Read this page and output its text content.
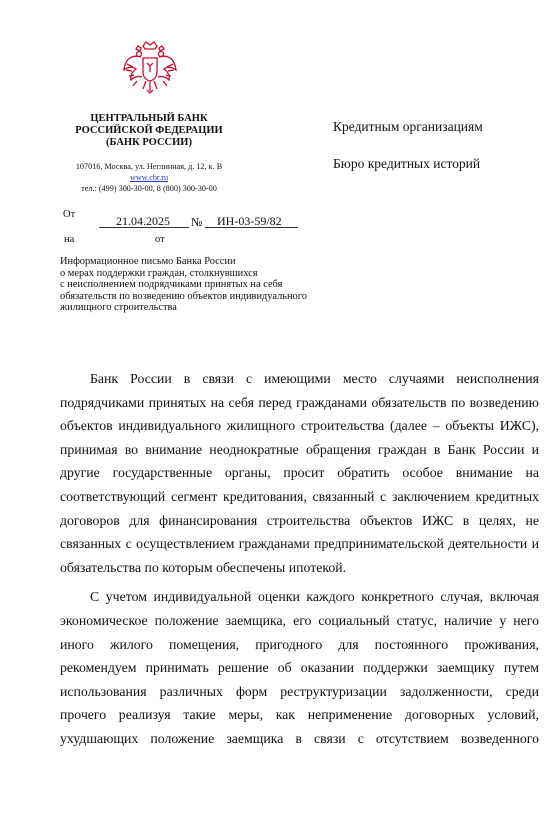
ЦЕНТРАЛЬНЫЙ БАНК
РОССИЙСКОЙ ФЕДЕРАЦИИ
(БАНК РОССИИ)
107016, Москва, ул. Неглинная, д. 12, к. В
www.cbr.ru
тел.: (499) 300-30-00, 8 (800) 300-30-00
Кредитным организациям
Бюро кредитных историй
От	21.04.2025 № ИН-03-59/82
на	от
Информационное письмо Банка России
о мерах поддержки граждан, столкнувшихся
с неисполнением подрядчиками принятых на себя
обязательств по возведению объектов индивидуального
жилищного строительства

Банк России в связи с имеющими место случаями неисполнения подрядчиками принятых на себя перед гражданами обязательств по возведению объектов индивидуального жилищного строительства (далее – объекты ИЖС), принимая во внимание неоднократные обращения граждан в Банк России и другие государственные органы, просит обратить особое внимание на соответствующий сегмент кредитования, связанный с заключением кредитных договоров для финансирования строительства объектов ИЖС в целях, не связанных с осуществлением гражданами предпринимательской деятельности и обязательства по которым обеспечены ипотекой.

С учетом индивидуальной оценки каждого конкретного случая, включая экономическое положение заемщика, его социальный статус, наличие у него иного жилого помещения, пригодного для постоянного проживания, рекомендуем принимать решение об оказании поддержки заемщику путем использования различных форм реструктуризации задолженности, среди прочего реализуя такие меры, как неприменение договорных условий, ухудшающих положение заемщика в связи с отсутствием возведенного
